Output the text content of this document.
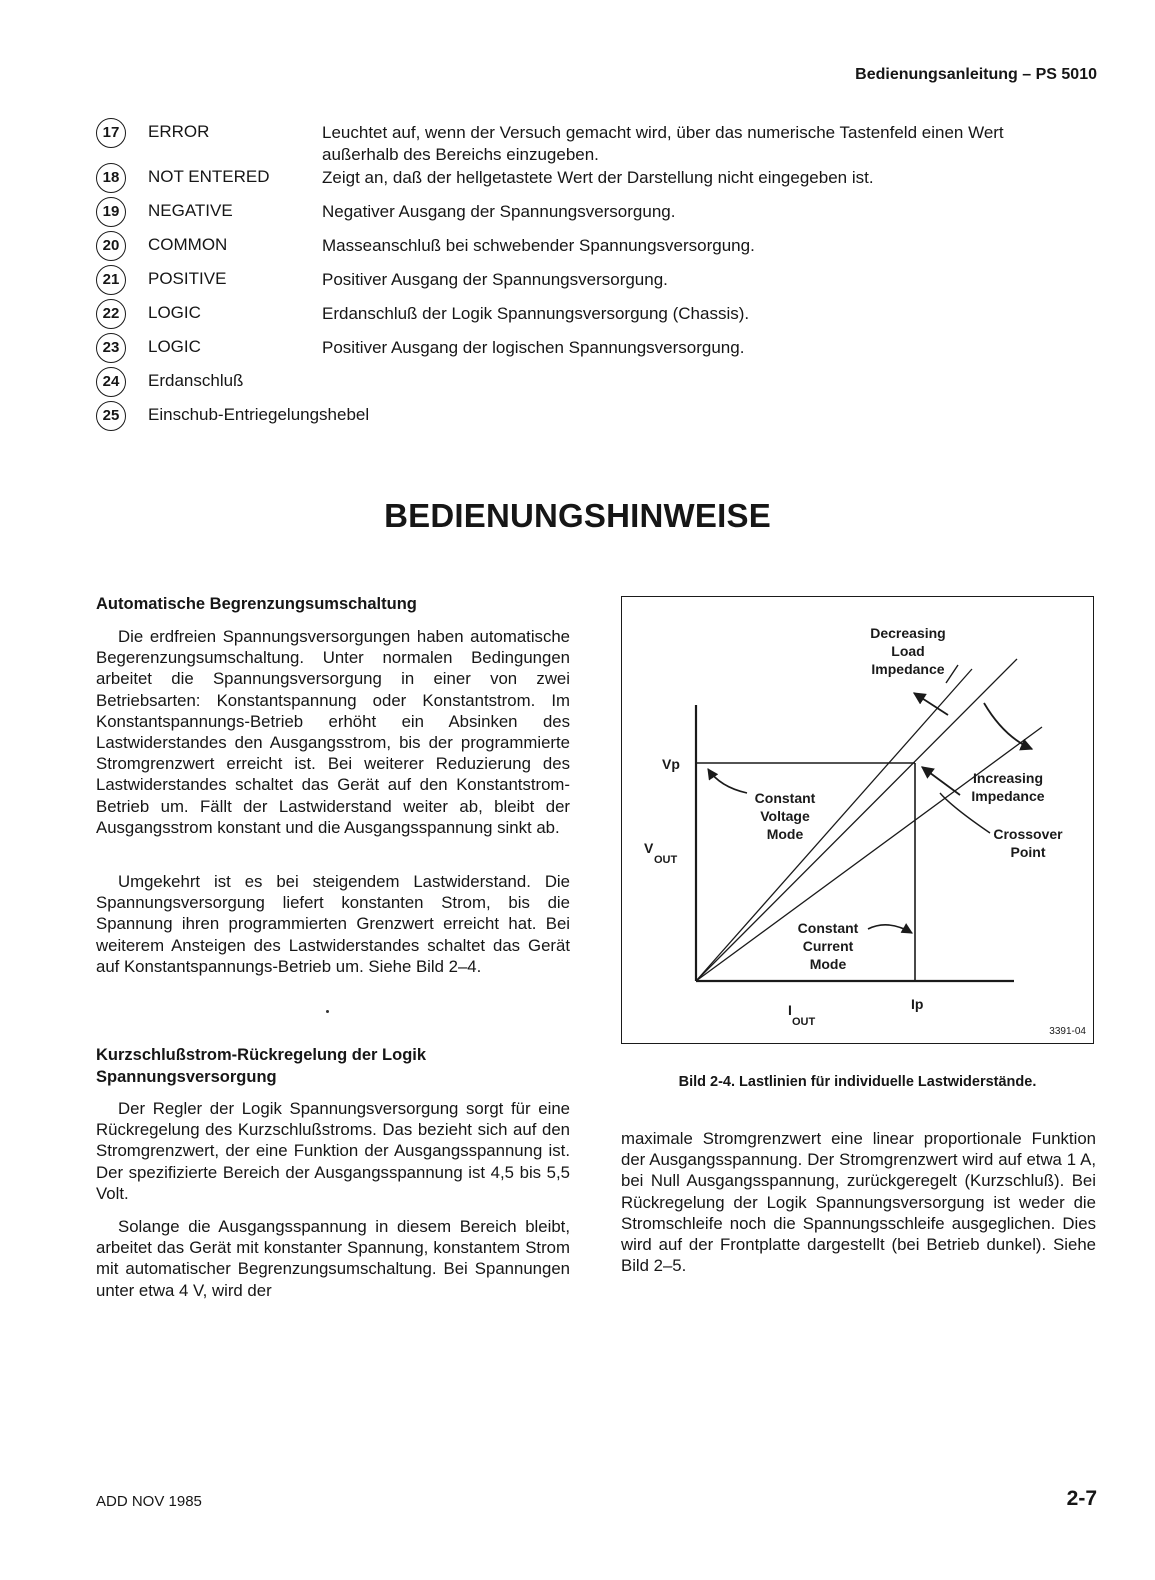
Bedienungsanleitung – PS 5010
17	ERROR	Leuchtet auf, wenn der Versuch gemacht wird, über das numerische Tastenfeld einen Wert außerhalb des Bereichs einzugeben.
18	NOT ENTERED	Zeigt an, daß der hellgetastete Wert der Darstellung nicht eingegeben ist.
19	NEGATIVE	Negativer Ausgang der Spannungsversorgung.
20	COMMON	Masseanschluß bei schwebender Spannungsversorgung.
21	POSITIVE	Positiver Ausgang der Spannungsversorgung.
22	LOGIC	Erdanschluß der Logik Spannungsversorgung (Chassis).
23	LOGIC	Positiver Ausgang der logischen Spannungsversorgung.
24	Erdanschluß
25	Einschub-Entriegelungshebel
BEDIENUNGSHINWEISE
Automatische Begrenzungsumschaltung

Die erdfreien Spannungsversorgungen haben automatische Begerenzungsumschaltung. Unter normalen Bedingungen arbeitet die Spannungsversorgung in einer von zwei Betriebsarten: Konstantspannung oder Konstantstrom. Im Konstantspannungs-Betrieb erhöht ein Absinken des Lastwiderstandes den Ausgangsstrom, bis der programmierte Stromgrenzwert erreicht ist. Bei weiterer Reduzierung des Lastwiderstandes schaltet das Gerät auf den Konstantstrom-Betrieb um. Fällt der Lastwiderstand weiter ab, bleibt der Ausgangsstrom konstant und die Ausgangsspannung sinkt ab.

Umgekehrt ist es bei steigendem Lastwiderstand. Die Spannungsversorgung liefert konstanten Strom, bis die Spannung ihren programmierten Grenzwert erreicht hat. Bei weiterem Ansteigen des Lastwiderstandes schaltet das Gerät auf Konstantspannungs-Betrieb um. Siehe Bild 2–4.

Kurzschlußstrom-Rückregelung der Logik
Spannungsversorgung

Der Regler der Logik Spannungsversorgung sorgt für eine Rückregelung des Kurzschlußstroms. Das bezieht sich auf den Stromgrenzwert, der eine Funktion der Ausgangsspannung ist. Der spezifizierte Bereich der Ausgangsspannung ist 4,5 bis 5,5 Volt.

Solange die Ausgangsspannung in diesem Bereich bleibt, arbeitet das Gerät mit konstanter Spannung, konstantem Strom mit automatischer Begrenzungsumschaltung. Bei Spannungen unter etwa 4 V, wird der

Decreasing
Load
Impedance
Increasing
Impedance
Crossover
Point
Constant
Voltage
Mode
Constant
Current
Mode
Vp
Ip
V
OUT
I
OUT
3391-04
Bild 2-4. Lastlinien für individuelle Lastwiderstände.

maximale Stromgrenzwert eine linear proportionale Funktion der Ausgangsspannung. Der Stromgrenzwert wird auf etwa 1 A, bei Null Ausgangsspannung, zurückgeregelt (Kurzschluß). Bei Rückregelung der Logik Spannungsversorgung ist weder die Stromschleife noch die Spannungsschleife ausgeglichen. Dies wird auf der Frontplatte dargestellt (bei Betrieb dunkel). Siehe Bild 2–5.

ADD NOV 1985	2-7
